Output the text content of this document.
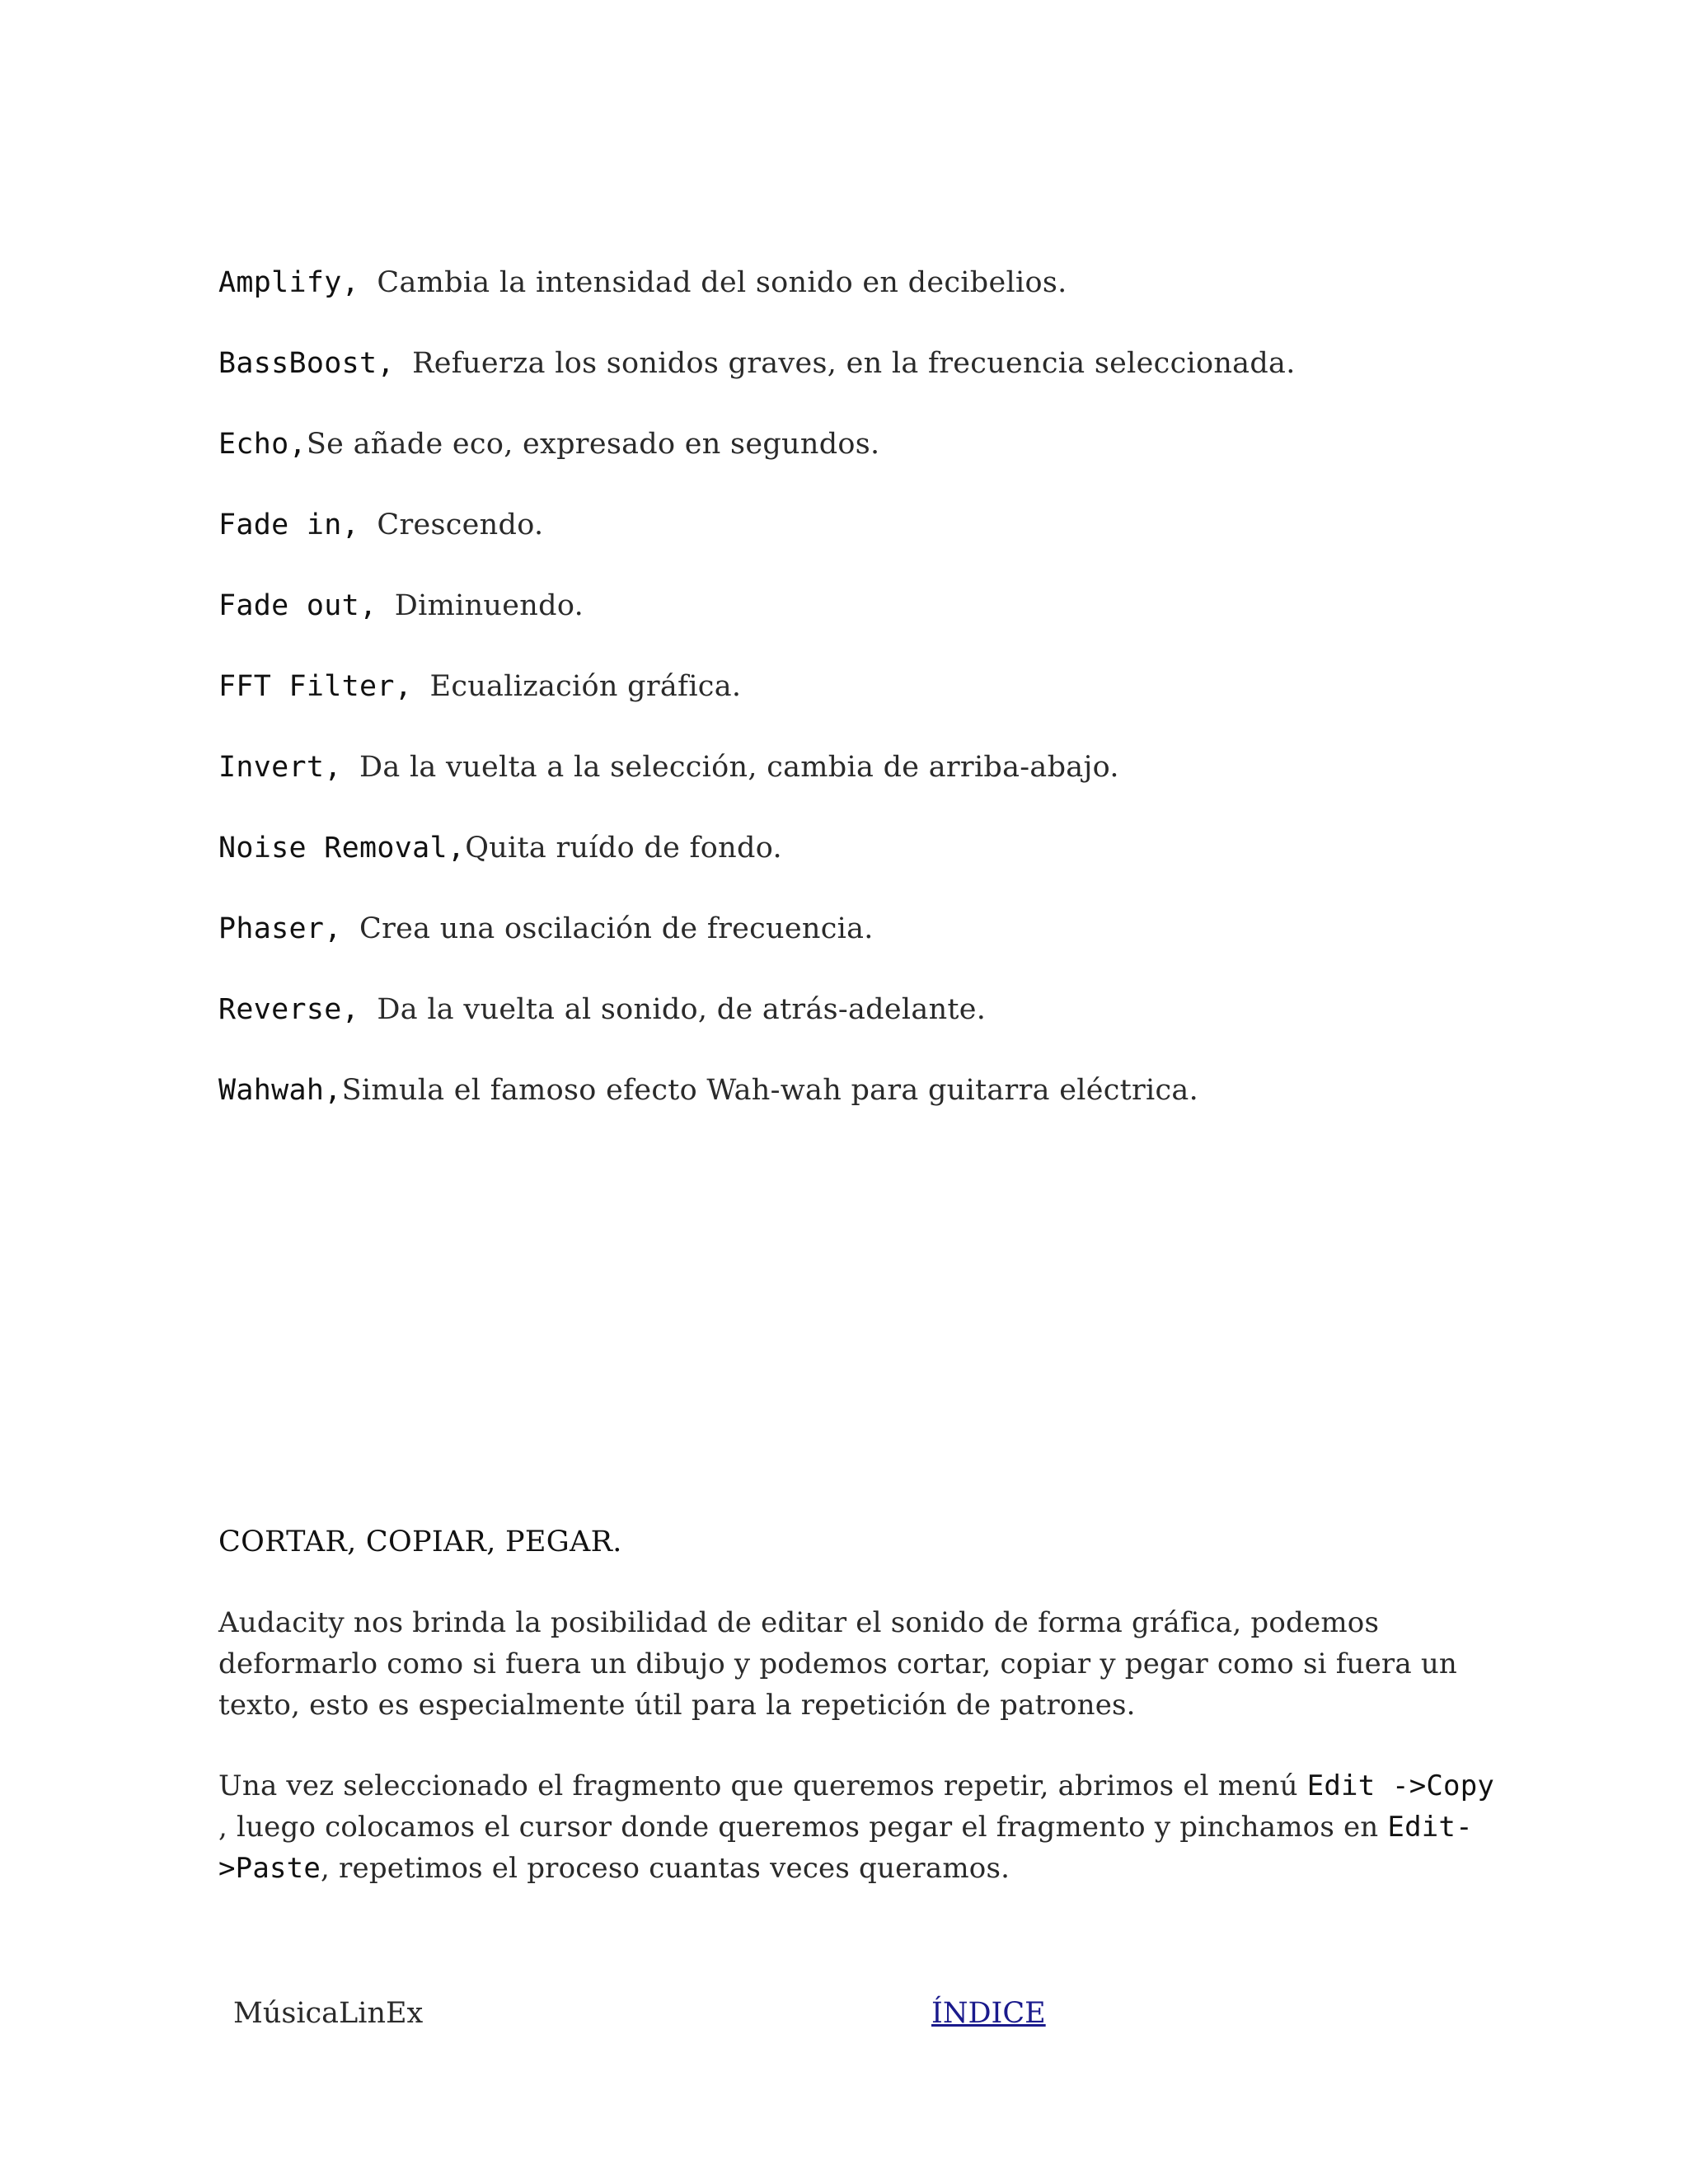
Amplify, Cambia la intensidad del sonido en decibelios.
BassBoost, Refuerza los sonidos graves, en la frecuencia seleccionada.
Echo,Se añade eco, expresado en segundos.
Fade in, Crescendo.
Fade out, Diminuendo.
FFT Filter, Ecualización gráfica.
Invert, Da la vuelta a la selección, cambia de arriba-abajo.
Noise Removal,Quita ruído de fondo.
Phaser, Crea una oscilación de frecuencia.
Reverse, Da la vuelta al sonido, de atrás-adelante.
Wahwah,Simula el famoso efecto Wah-wah para guitarra eléctrica.
CORTAR, COPIAR, PEGAR.

Audacity nos brinda la posibilidad de editar el sonido de forma gráfica, podemos deformarlo como si fuera un dibujo y podemos cortar, copiar y pegar como si fuera un texto, esto es especialmente útil para la repetición de patrones.

Una vez seleccionado el fragmento que queremos repetir, abrimos el menú Edit ->Copy , luego colocamos el cursor donde queremos pegar el fragmento y pinchamos en Edit->Paste, repetimos el proceso cuantas veces queramos.

MúsicaLinEx	ÍNDICE
